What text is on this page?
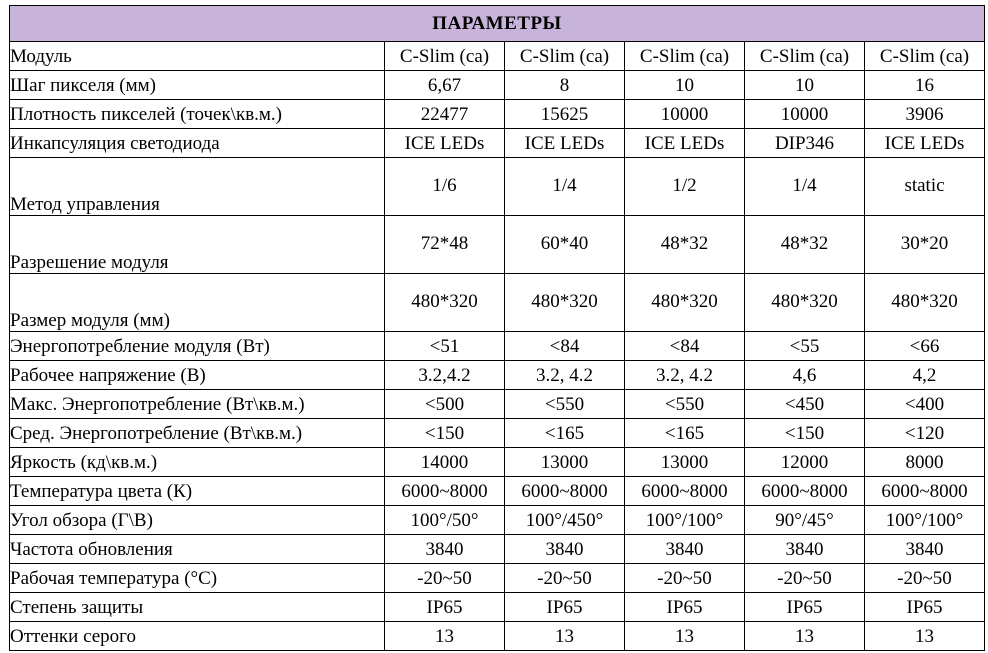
ПАРАМЕТРЫ					
Модуль	C-Slim (ca)	C-Slim (ca)	C-Slim (ca)	C-Slim (ca)	C-Slim (ca)
Шаг пикселя (мм)	6,67	8	10	10	16
Плотность пикселей (точек\кв.м.)	22477	15625	10000	10000	3906
Инкапсуляция светодиода	ICE LEDs	ICE LEDs	ICE LEDs	DIP346	ICE LEDs
Метод управления	1/6	1/4	1/2	1/4	static
Разрешение модуля	72*48	60*40	48*32	48*32	30*20
Размер модуля (мм)	480*320	480*320	480*320	480*320	480*320
Энергопотребление модуля (Вт)	<51	<84	<84	<55	<66
Рабочее напряжение (В)	3.2,4.2	3.2, 4.2	3.2, 4.2	4,6	4,2
Макс. Энергопотребление (Вт\кв.м.)	<500	<550	<550	<450	<400
Сред. Энергопотребление (Вт\кв.м.)	<150	<165	<165	<150	<120
Яркость (кд\кв.м.)	14000	13000	13000	12000	8000
Температура цвета (К)	6000~8000	6000~8000	6000~8000	6000~8000	6000~8000
Угол обзора (Г\В)	100°/50°	100°/450°	100°/100°	90°/45°	100°/100°
Частота обновления	3840	3840	3840	3840	3840
Рабочая температура (°C)	-20~50	-20~50	-20~50	-20~50	-20~50
Степень защиты	IP65	IP65	IP65	IP65	IP65
Оттенки серого	13	13	13	13	13
